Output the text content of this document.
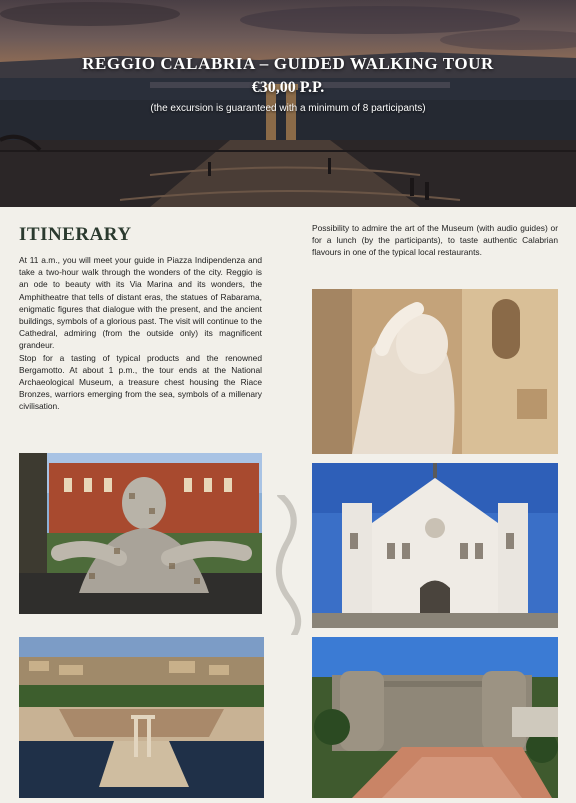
REGGIO CALABRIA – GUIDED WALKING TOUR
€30,00 P.P.
(the excursion is guaranteed with a minimum of 8 participants)
ITINERARY

At 11 a.m., you will meet your guide in Piazza Indipendenza and take a two-hour walk through the wonders of the city. Reggio is an ode to beauty with its Via Marina and its wonders, the Amphitheatre that tells of distant eras, the statues of Rabarama, enigmatic figures that dialogue with the present, and the ancient buildings, symbols of a glorious past. The visit will continue to the Cathedral, admiring (from the outside only) its magnificent grandeur.

Stop for a tasting of typical products and the renowned Bergamotto. At about 1 p.m., the tour ends at the National Archaeological Museum, a treasure chest housing the Riace Bronzes, warriors emerging from the sea, symbols of a millenary civilisation.

Possibility to admire the art of the Museum (with audio guides) or for a lunch (by the participants), to taste authentic Calabrian flavours in one of the typical local restaurants.
